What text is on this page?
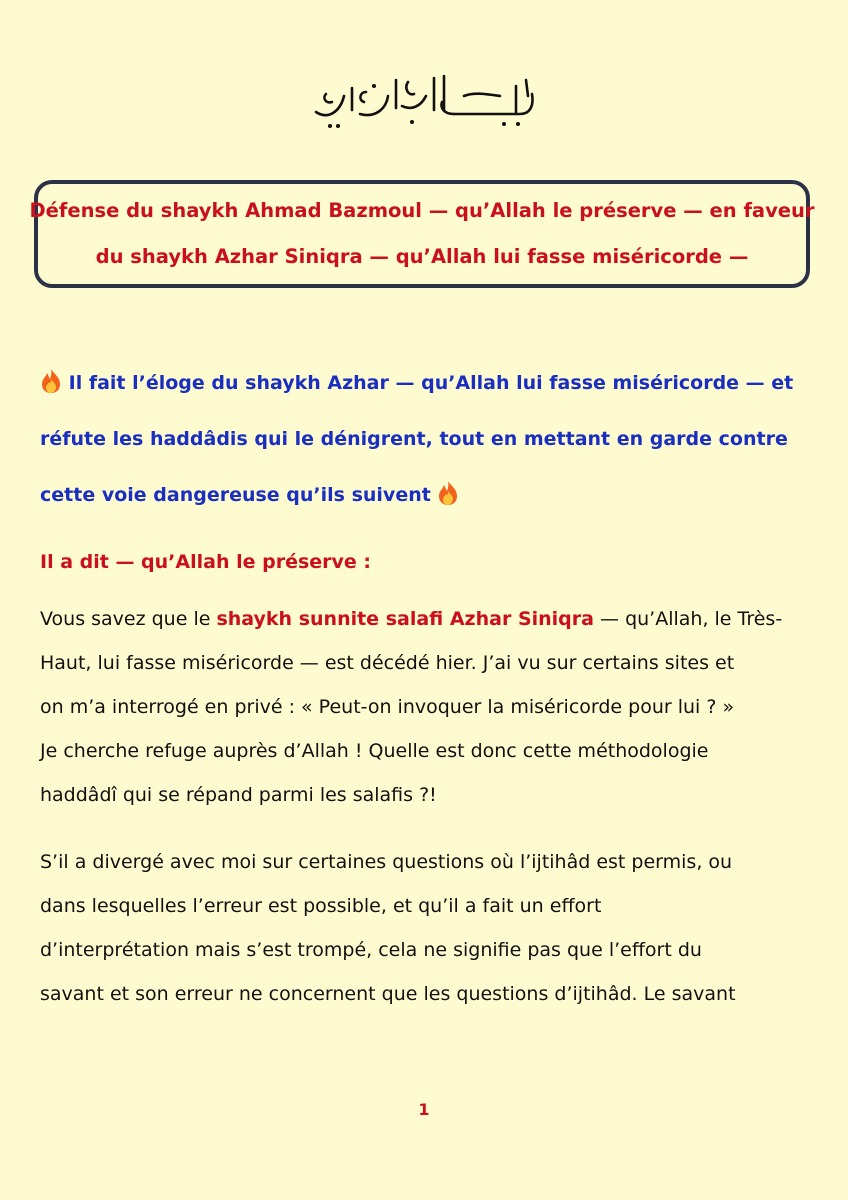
Défense du shaykh Ahmad Bazmoul — qu’Allah le préserve — en faveur
du shaykh Azhar Siniqra — qu’Allah lui fasse miséricorde —
Il fait l’éloge du shaykh Azhar — qu’Allah lui fasse miséricorde — et
réfute les haddâdis qui le dénigrent, tout en mettant en garde contre
cette voie dangereuse qu’ils suivent
Il a dit — qu’Allah le préserve :
Vous savez que le shaykh sunnite salafi Azhar Siniqra — qu’Allah, le Très-
Haut, lui fasse miséricorde — est décédé hier. J’ai vu sur certains sites et
on m’a interrogé en privé : « Peut-on invoquer la miséricorde pour lui ? »
Je cherche refuge auprès d’Allah ! Quelle est donc cette méthodologie
haddâdî qui se répand parmi les salafis ?!
S’il a divergé avec moi sur certaines questions où l’ijtihâd est permis, ou
dans lesquelles l’erreur est possible, et qu’il a fait un effort
d’interprétation mais s’est trompé, cela ne signifie pas que l’effort du
savant et son erreur ne concernent que les questions d’ijtihâd. Le savant
1
